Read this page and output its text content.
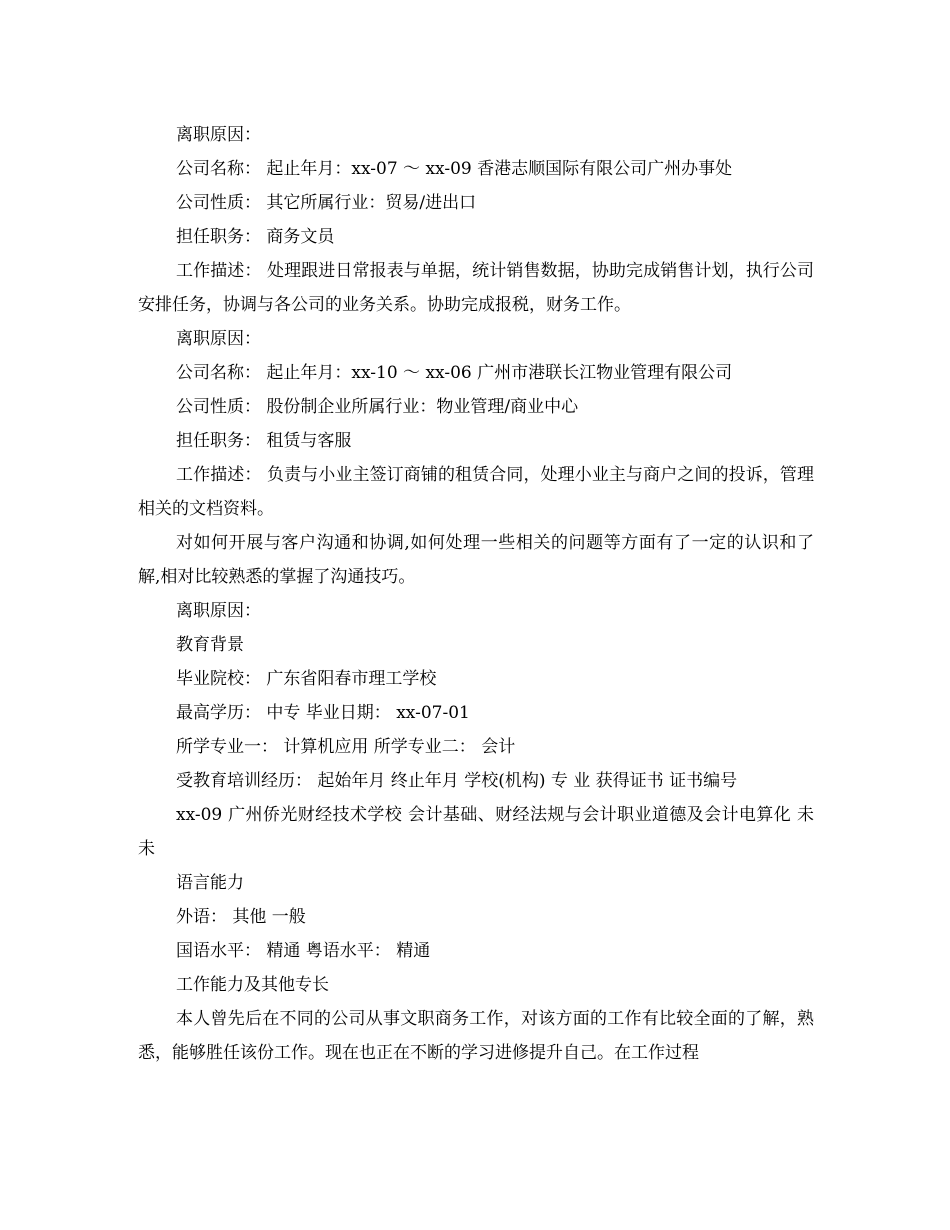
离职原因：

公司名称： 起止年月：xx-07 ～ xx-09 香港志顺国际有限公司广州办事处

公司性质： 其它所属行业：贸易/进出口

担任职务： 商务文员

工作描述： 处理跟进日常报表与单据，统计销售数据，协助完成销售计划，执行公司安排任务，协调与各公司的业务关系。协助完成报税，财务工作。

离职原因：

公司名称： 起止年月：xx-10 ～ xx-06 广州市港联长江物业管理有限公司

公司性质： 股份制企业所属行业：物业管理/商业中心

担任职务： 租赁与客服

工作描述： 负责与小业主签订商铺的租赁合同，处理小业主与商户之间的投诉，管理相关的文档资料。

对如何开展与客户沟通和协调,如何处理一些相关的问题等方面有了一定的认识和了解,相对比较熟悉的掌握了沟通技巧。

离职原因：

教育背景

毕业院校： 广东省阳春市理工学校

最高学历： 中专 毕业日期： xx-07-01

所学专业一： 计算机应用 所学专业二： 会计

受教育培训经历： 起始年月 终止年月 学校(机构) 专 业 获得证书 证书编号

xx-09 广州侨光财经技术学校 会计基础、财经法规与会计职业道德及会计电算化 未 未

语言能力

外语： 其他 一般

国语水平： 精通 粤语水平： 精通

工作能力及其他专长

本人曾先后在不同的公司从事文职商务工作，对该方面的工作有比较全面的了解，熟悉，能够胜任该份工作。现在也正在不断的学习进修提升自己。在工作过程
